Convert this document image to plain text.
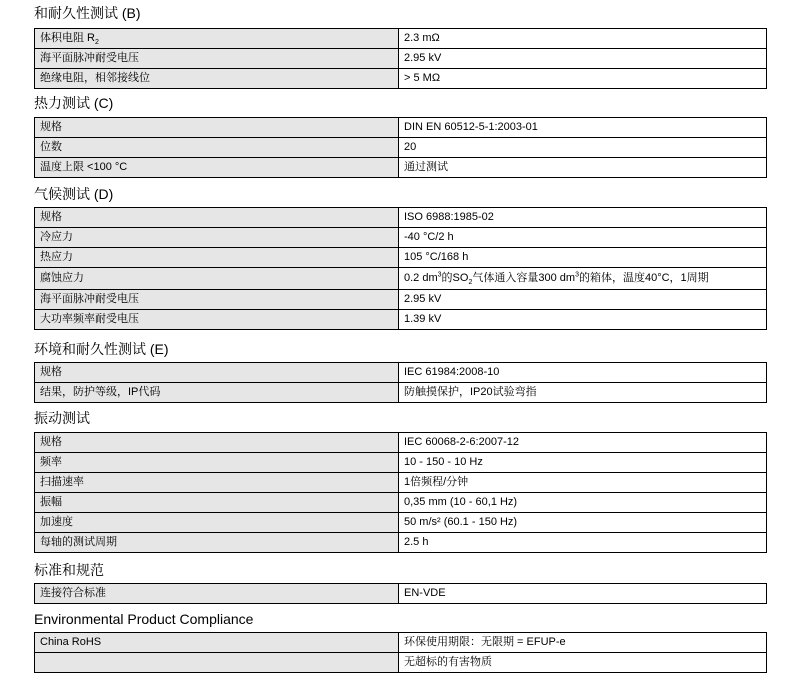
和耐久性测试 (B)
体积电阻 $R_2$	2.3 mΩ
海平面脉冲耐受电压	2.95 kV
绝缘电阻，相邻接线位	> 5 MΩ
热力测试 (C)
规格	DIN EN 60512-5-1:2003-01
位数	20
温度上限 <100 °C	通过测试
气候测试 (D)
规格	ISO 6988:1985-02
冷应力	-40 °C/2 h
热应力	105 °C/168 h
腐蚀应力	0.2 $dm^3$的$SO_2$气体通入容量300 $dm^3$的箱体，温度40°C，1周期
海平面脉冲耐受电压	2.95 kV
大功率频率耐受电压	1.39 kV
环境和耐久性测试 (E)
规格	IEC 61984:2008-10
结果，防护等级，IP代码	防触摸保护，IP20试验弯指
振动测试
规格	IEC 60068-2-6:2007-12
频率	10 - 150 - 10 Hz
扫描速率	1倍频程/分钟
振幅	0,35 mm (10 - 60,1 Hz)
加速度	50 m/s² (60.1 - 150 Hz)
每轴的测试周期	2.5 h
标准和规范
连接符合标准	EN-VDE
Environmental Product Compliance
China RoHS	环保使用期限：无限期 = EFUP-e
	无超标的有害物质
